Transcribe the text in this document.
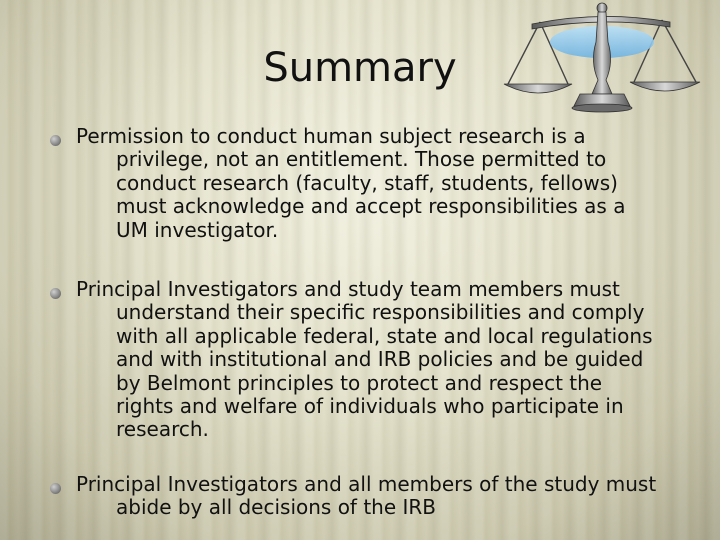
Summary
Permission to conduct human subject research is a
privilege, not an entitlement. Those permitted to
conduct research (faculty, staff, students, fellows)
must acknowledge and accept responsibilities as a
UM investigator.
Principal Investigators and study team members must
understand their specific responsibilities and comply
with all applicable federal, state and local regulations
and with institutional and IRB policies and be guided
by Belmont principles to protect and respect the
rights and welfare of individuals who participate in
research.
Principal Investigators and all members of the study must
abide by all decisions of the IRB
